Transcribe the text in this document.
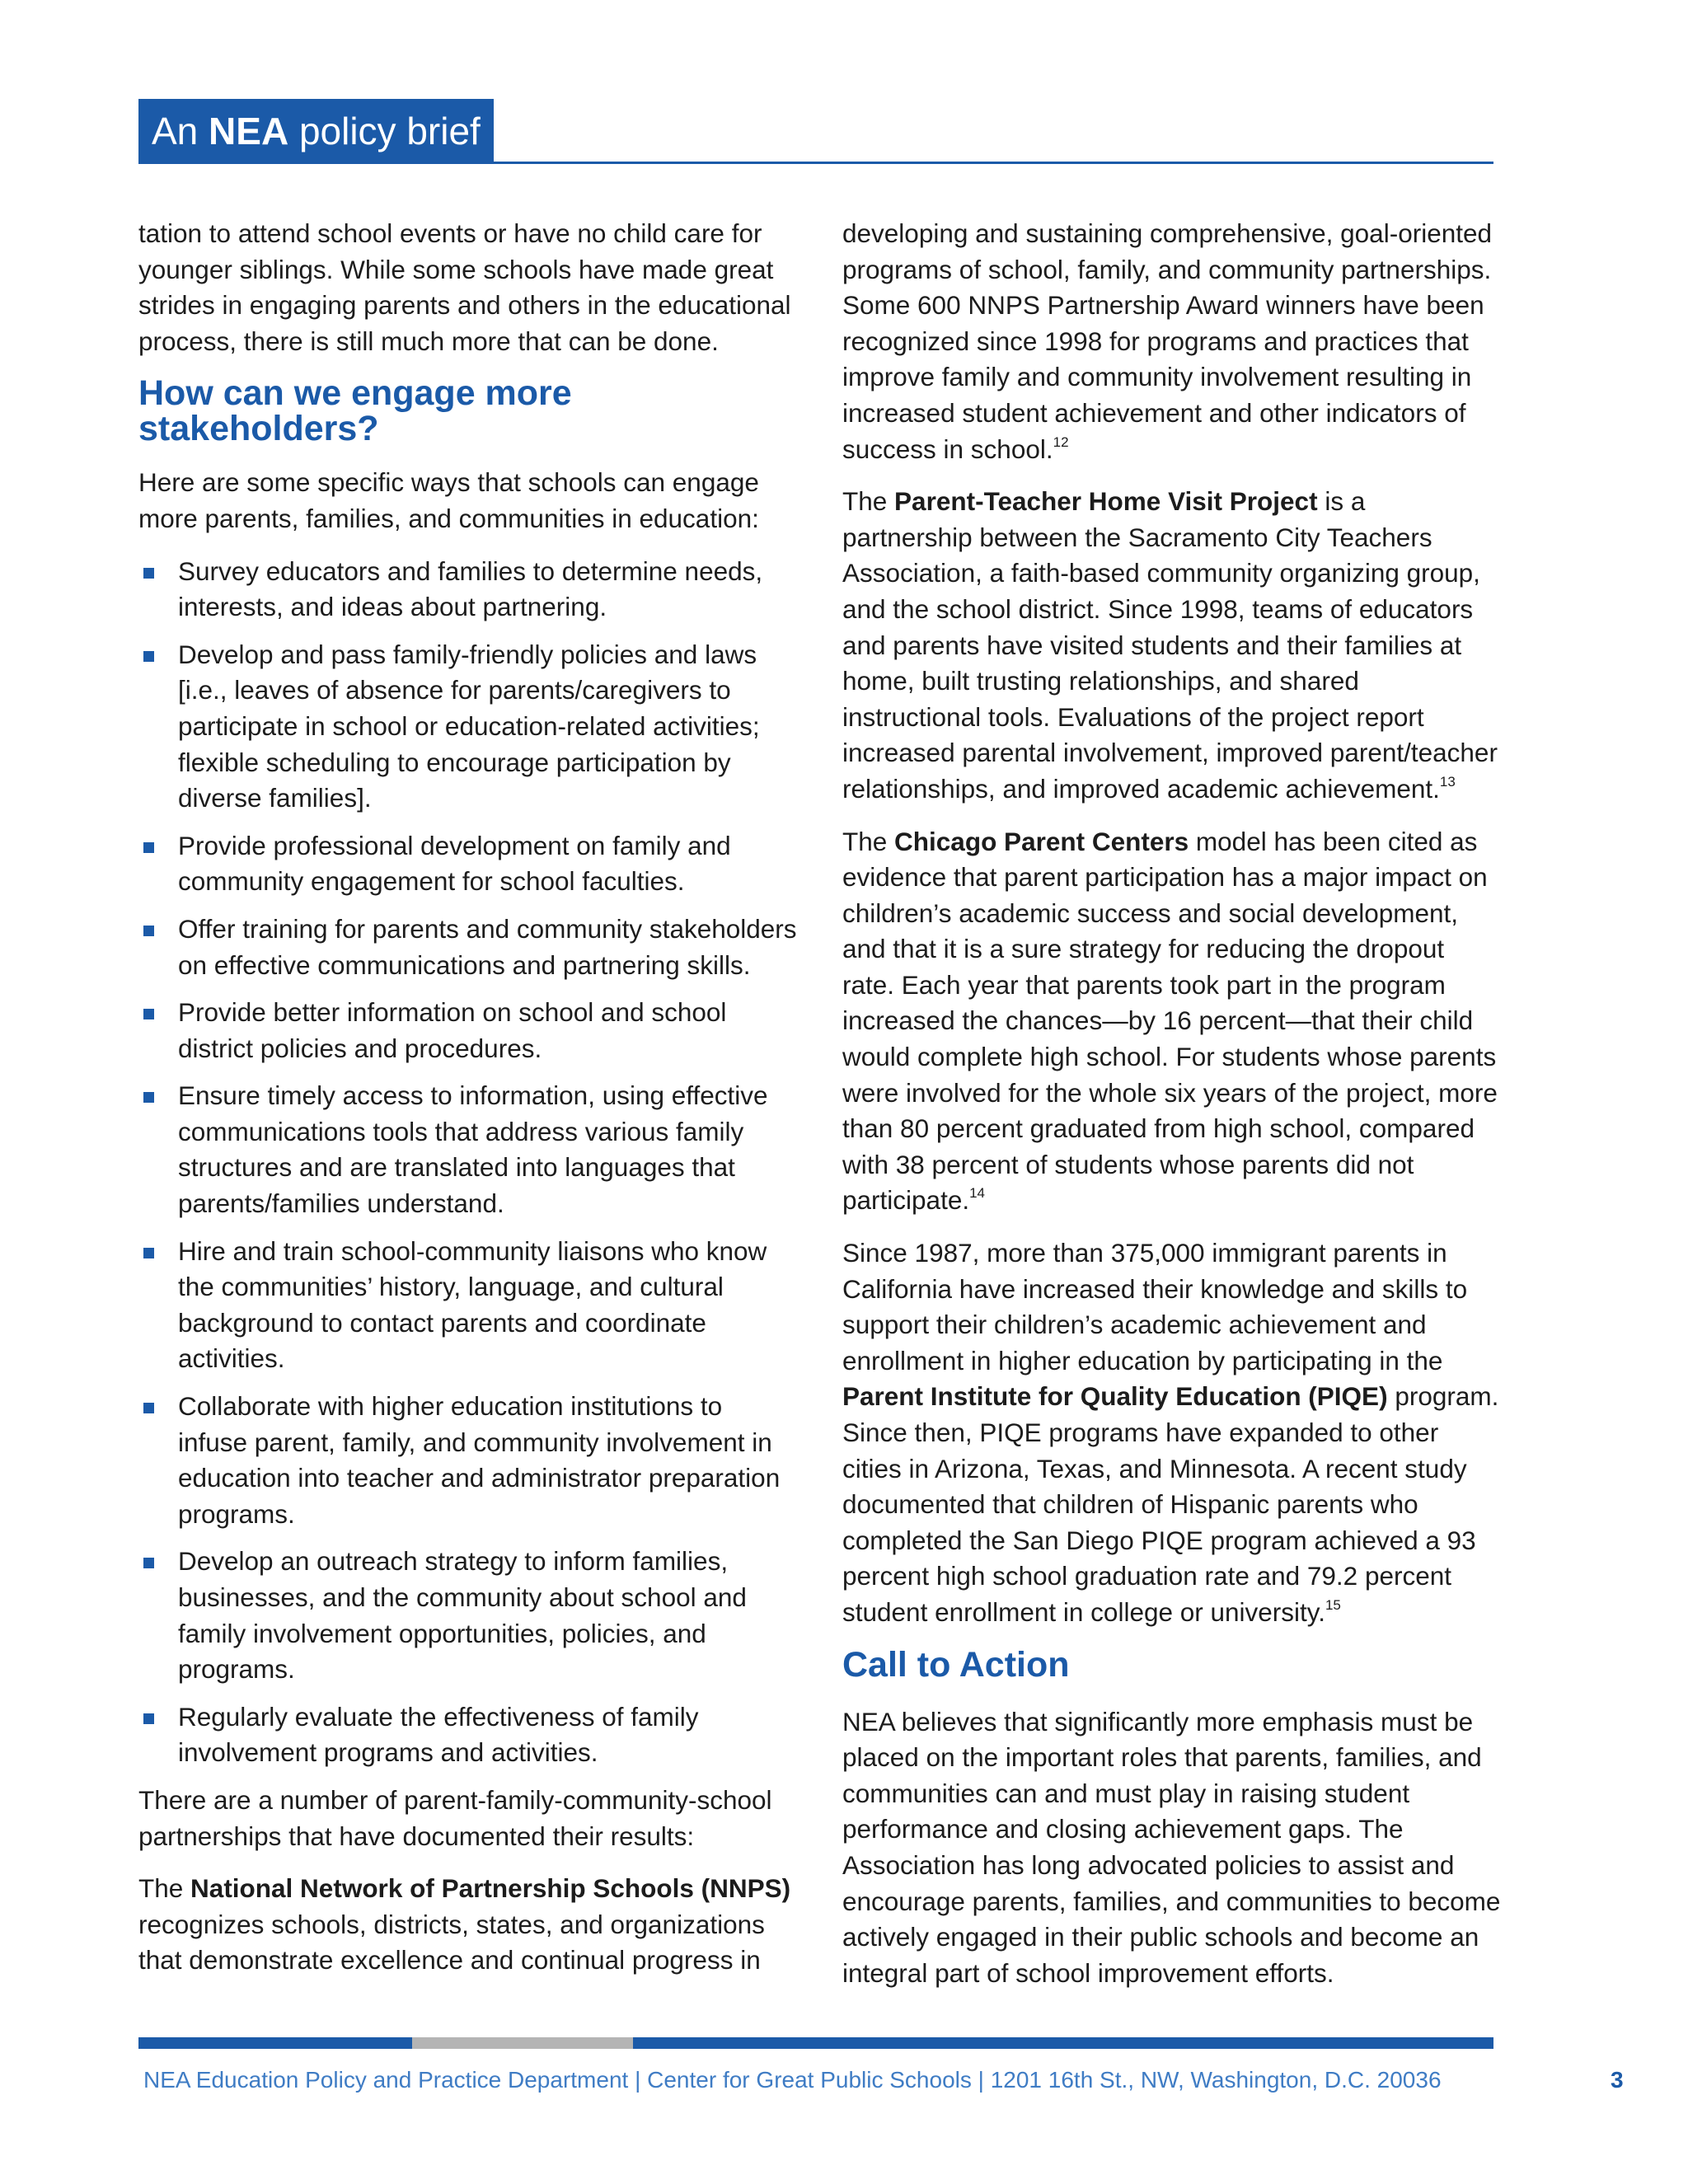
An NEA policy brief

tation to attend school events or have no child care for younger siblings. While some schools have made great strides in engaging parents and others in the educational process, there is still much more that can be done.

How can we engage more stakeholders?

Here are some specific ways that schools can engage more parents, families, and communities in education:

Survey educators and families to determine needs, interests, and ideas about partnering.
Develop and pass family-friendly policies and laws [i.e., leaves of absence for parents/caregivers to participate in school or education-related activities; flexible scheduling to encourage participation by diverse families].
Provide professional development on family and community engagement for school faculties.
Offer training for parents and community stakeholders on effective communications and partnering skills.
Provide better information on school and school district policies and procedures.
Ensure timely access to information, using effective communications tools that address various family structures and are translated into languages that parents/families understand.
Hire and train school-community liaisons who know the communities’ history, language, and cultural background to contact parents and coordinate activities.
Collaborate with higher education institutions to infuse parent, family, and community involvement in education into teacher and administrator preparation programs.
Develop an outreach strategy to inform families, businesses, and the community about school and family involvement opportunities, policies, and programs.
Regularly evaluate the effectiveness of family involvement programs and activities.

There are a number of parent-family-community-school partnerships that have documented their results:

The National Network of Partnership Schools (NNPS) recognizes schools, districts, states, and organizations that demonstrate excellence and continual progress in

developing and sustaining comprehensive, goal-oriented programs of school, family, and community partnerships. Some 600 NNPS Partnership Award winners have been recognized since 1998 for programs and practices that improve family and community involvement resulting in increased student achievement and other indicators of success in school.$^{12}$

The Parent-Teacher Home Visit Project is a partnership between the Sacramento City Teachers Association, a faith-based community organizing group, and the school district. Since 1998, teams of educators and parents have visited students and their families at home, built trusting relationships, and shared instructional tools. Evaluations of the project report increased parental involvement, improved parent/teacher relationships, and improved academic achievement.$^{13}$

The Chicago Parent Centers model has been cited as evidence that parent participation has a major impact on children’s academic success and social development, and that it is a sure strategy for reducing the dropout rate. Each year that parents took part in the program increased the chances—by 16 percent—that their child would complete high school. For students whose parents were involved for the whole six years of the project, more than 80 percent graduated from high school, compared with 38 percent of students whose parents did not participate.$^{14}$

Since 1987, more than 375,000 immigrant parents in California have increased their knowledge and skills to support their children’s academic achievement and enrollment in higher education by participating in the Parent Institute for Quality Education (PIQE) program. Since then, PIQE programs have expanded to other cities in Arizona, Texas, and Minnesota. A recent study documented that children of Hispanic parents who completed the San Diego PIQE program achieved a 93 percent high school graduation rate and 79.2 percent student enrollment in college or university.$^{15}$

Call to Action

NEA believes that significantly more emphasis must be placed on the important roles that parents, families, and communities can and must play in raising student performance and closing achievement gaps. The Association has long advocated policies to assist and encourage parents, families, and communities to become actively engaged in their public schools and become an integral part of school improvement efforts.

NEA Education Policy and Practice Department | Center for Great Public Schools | 1201 16th St., NW, Washington, D.C. 20036	3
